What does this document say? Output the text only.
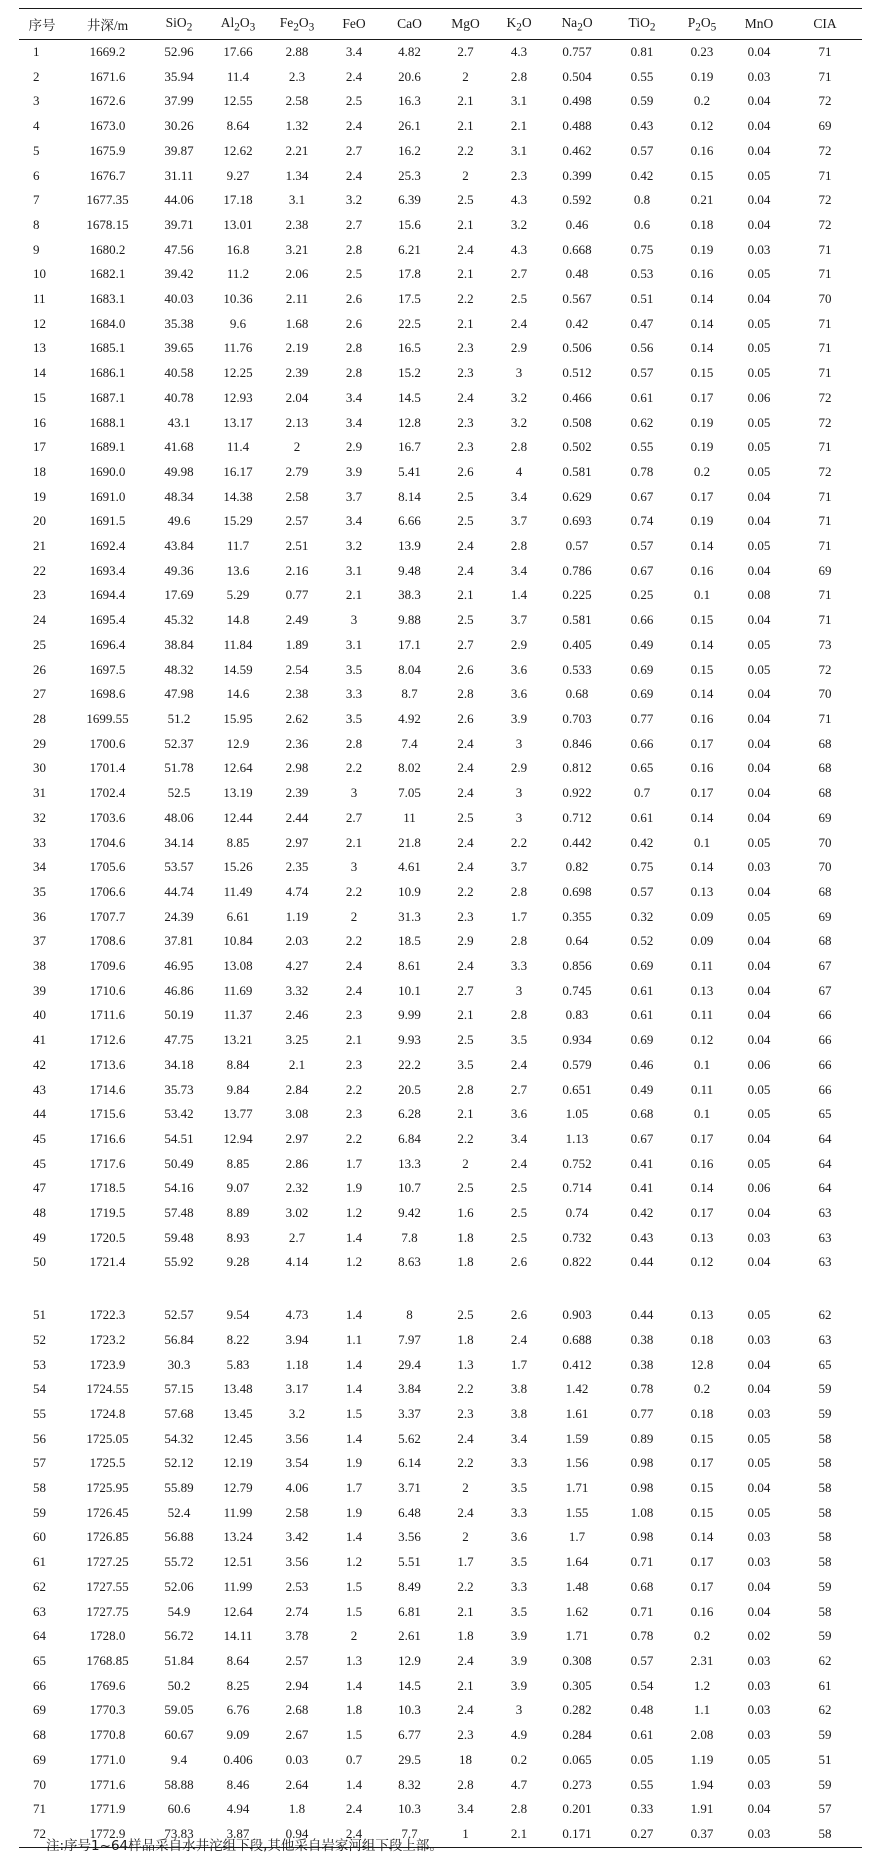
序号	井深/m	SiO$_2$	$Al_2O_3$	$Fe_2O_3$	FeO	CaO	MgO	$K_2O$	$Na_2O$	TiO$_2$	$P_2O_5$	MnO	CIA
1	1669.2	52.96	17.66	2.88	3.4	4.82	2.7	4.3	0.757	0.81	0.23	0.04	71
2	1671.6	35.94	11.4	2.3	2.4	20.6	2	2.8	0.504	0.55	0.19	0.03	71
3	1672.6	37.99	12.55	2.58	2.5	16.3	2.1	3.1	0.498	0.59	0.2	0.04	72
4	1673.0	30.26	8.64	1.32	2.4	26.1	2.1	2.1	0.488	0.43	0.12	0.04	69
5	1675.9	39.87	12.62	2.21	2.7	16.2	2.2	3.1	0.462	0.57	0.16	0.04	72
6	1676.7	31.11	9.27	1.34	2.4	25.3	2	2.3	0.399	0.42	0.15	0.05	71
7	1677.35	44.06	17.18	3.1	3.2	6.39	2.5	4.3	0.592	0.8	0.21	0.04	72
8	1678.15	39.71	13.01	2.38	2.7	15.6	2.1	3.2	0.46	0.6	0.18	0.04	72
9	1680.2	47.56	16.8	3.21	2.8	6.21	2.4	4.3	0.668	0.75	0.19	0.03	71
10	1682.1	39.42	11.2	2.06	2.5	17.8	2.1	2.7	0.48	0.53	0.16	0.05	71
11	1683.1	40.03	10.36	2.11	2.6	17.5	2.2	2.5	0.567	0.51	0.14	0.04	70
12	1684.0	35.38	9.6	1.68	2.6	22.5	2.1	2.4	0.42	0.47	0.14	0.05	71
13	1685.1	39.65	11.76	2.19	2.8	16.5	2.3	2.9	0.506	0.56	0.14	0.05	71
14	1686.1	40.58	12.25	2.39	2.8	15.2	2.3	3	0.512	0.57	0.15	0.05	71
15	1687.1	40.78	12.93	2.04	3.4	14.5	2.4	3.2	0.466	0.61	0.17	0.06	72
16	1688.1	43.1	13.17	2.13	3.4	12.8	2.3	3.2	0.508	0.62	0.19	0.05	72
17	1689.1	41.68	11.4	2	2.9	16.7	2.3	2.8	0.502	0.55	0.19	0.05	71
18	1690.0	49.98	16.17	2.79	3.9	5.41	2.6	4	0.581	0.78	0.2	0.05	72
19	1691.0	48.34	14.38	2.58	3.7	8.14	2.5	3.4	0.629	0.67	0.17	0.04	71
20	1691.5	49.6	15.29	2.57	3.4	6.66	2.5	3.7	0.693	0.74	0.19	0.04	71
21	1692.4	43.84	11.7	2.51	3.2	13.9	2.4	2.8	0.57	0.57	0.14	0.05	71
22	1693.4	49.36	13.6	2.16	3.1	9.48	2.4	3.4	0.786	0.67	0.16	0.04	69
23	1694.4	17.69	5.29	0.77	2.1	38.3	2.1	1.4	0.225	0.25	0.1	0.08	71
24	1695.4	45.32	14.8	2.49	3	9.88	2.5	3.7	0.581	0.66	0.15	0.04	71
25	1696.4	38.84	11.84	1.89	3.1	17.1	2.7	2.9	0.405	0.49	0.14	0.05	73
26	1697.5	48.32	14.59	2.54	3.5	8.04	2.6	3.6	0.533	0.69	0.15	0.05	72
27	1698.6	47.98	14.6	2.38	3.3	8.7	2.8	3.6	0.68	0.69	0.14	0.04	70
28	1699.55	51.2	15.95	2.62	3.5	4.92	2.6	3.9	0.703	0.77	0.16	0.04	71
29	1700.6	52.37	12.9	2.36	2.8	7.4	2.4	3	0.846	0.66	0.17	0.04	68
30	1701.4	51.78	12.64	2.98	2.2	8.02	2.4	2.9	0.812	0.65	0.16	0.04	68
31	1702.4	52.5	13.19	2.39	3	7.05	2.4	3	0.922	0.7	0.17	0.04	68
32	1703.6	48.06	12.44	2.44	2.7	11	2.5	3	0.712	0.61	0.14	0.04	69
33	1704.6	34.14	8.85	2.97	2.1	21.8	2.4	2.2	0.442	0.42	0.1	0.05	70
34	1705.6	53.57	15.26	2.35	3	4.61	2.4	3.7	0.82	0.75	0.14	0.03	70
35	1706.6	44.74	11.49	4.74	2.2	10.9	2.2	2.8	0.698	0.57	0.13	0.04	68
36	1707.7	24.39	6.61	1.19	2	31.3	2.3	1.7	0.355	0.32	0.09	0.05	69
37	1708.6	37.81	10.84	2.03	2.2	18.5	2.9	2.8	0.64	0.52	0.09	0.04	68
38	1709.6	46.95	13.08	4.27	2.4	8.61	2.4	3.3	0.856	0.69	0.11	0.04	67
39	1710.6	46.86	11.69	3.32	2.4	10.1	2.7	3	0.745	0.61	0.13	0.04	67
40	1711.6	50.19	11.37	2.46	2.3	9.99	2.1	2.8	0.83	0.61	0.11	0.04	66
41	1712.6	47.75	13.21	3.25	2.1	9.93	2.5	3.5	0.934	0.69	0.12	0.04	66
42	1713.6	34.18	8.84	2.1	2.3	22.2	3.5	2.4	0.579	0.46	0.1	0.06	66
43	1714.6	35.73	9.84	2.84	2.2	20.5	2.8	2.7	0.651	0.49	0.11	0.05	66
44	1715.6	53.42	13.77	3.08	2.3	6.28	2.1	3.6	1.05	0.68	0.1	0.05	65
45	1716.6	54.51	12.94	2.97	2.2	6.84	2.2	3.4	1.13	0.67	0.17	0.04	64
45	1717.6	50.49	8.85	2.86	1.7	13.3	2	2.4	0.752	0.41	0.16	0.05	64
47	1718.5	54.16	9.07	2.32	1.9	10.7	2.5	2.5	0.714	0.41	0.14	0.06	64
48	1719.5	57.48	8.89	3.02	1.2	9.42	1.6	2.5	0.74	0.42	0.17	0.04	63
49	1720.5	59.48	8.93	2.7	1.4	7.8	1.8	2.5	0.732	0.43	0.13	0.03	63
50	1721.4	55.92	9.28	4.14	1.2	8.63	1.8	2.6	0.822	0.44	0.12	0.04	63
51	1722.3	52.57	9.54	4.73	1.4	8	2.5	2.6	0.903	0.44	0.13	0.05	62
52	1723.2	56.84	8.22	3.94	1.1	7.97	1.8	2.4	0.688	0.38	0.18	0.03	63
53	1723.9	30.3	5.83	1.18	1.4	29.4	1.3	1.7	0.412	0.38	12.8	0.04	65
54	1724.55	57.15	13.48	3.17	1.4	3.84	2.2	3.8	1.42	0.78	0.2	0.04	59
55	1724.8	57.68	13.45	3.2	1.5	3.37	2.3	3.8	1.61	0.77	0.18	0.03	59
56	1725.05	54.32	12.45	3.56	1.4	5.62	2.4	3.4	1.59	0.89	0.15	0.05	58
57	1725.5	52.12	12.19	3.54	1.9	6.14	2.2	3.3	1.56	0.98	0.17	0.05	58
58	1725.95	55.89	12.79	4.06	1.7	3.71	2	3.5	1.71	0.98	0.15	0.04	58
59	1726.45	52.4	11.99	2.58	1.9	6.48	2.4	3.3	1.55	1.08	0.15	0.05	58
60	1726.85	56.88	13.24	3.42	1.4	3.56	2	3.6	1.7	0.98	0.14	0.03	58
61	1727.25	55.72	12.51	3.56	1.2	5.51	1.7	3.5	1.64	0.71	0.17	0.03	58
62	1727.55	52.06	11.99	2.53	1.5	8.49	2.2	3.3	1.48	0.68	0.17	0.04	59
63	1727.75	54.9	12.64	2.74	1.5	6.81	2.1	3.5	1.62	0.71	0.16	0.04	58
64	1728.0	56.72	14.11	3.78	2	2.61	1.8	3.9	1.71	0.78	0.2	0.02	59
65	1768.85	51.84	8.64	2.57	1.3	12.9	2.4	3.9	0.308	0.57	2.31	0.03	62
66	1769.6	50.2	8.25	2.94	1.4	14.5	2.1	3.9	0.305	0.54	1.2	0.03	61
69	1770.3	59.05	6.76	2.68	1.8	10.3	2.4	3	0.282	0.48	1.1	0.03	62
68	1770.8	60.67	9.09	2.67	1.5	6.77	2.3	4.9	0.284	0.61	2.08	0.03	59
69	1771.0	9.4	0.406	0.03	0.7	29.5	18	0.2	0.065	0.05	1.19	0.05	51
70	1771.6	58.88	8.46	2.64	1.4	8.32	2.8	4.7	0.273	0.55	1.94	0.03	59
71	1771.9	60.6	4.94	1.8	2.4	10.3	3.4	2.8	0.201	0.33	1.91	0.04	57
72	1772.9	73.83	3.87	0.94	2.4	7.7	1	2.1	0.171	0.27	0.37	0.03	58
注:序号1~64样品采自水井沱组下段,其他采自岩家河组下段上部。
